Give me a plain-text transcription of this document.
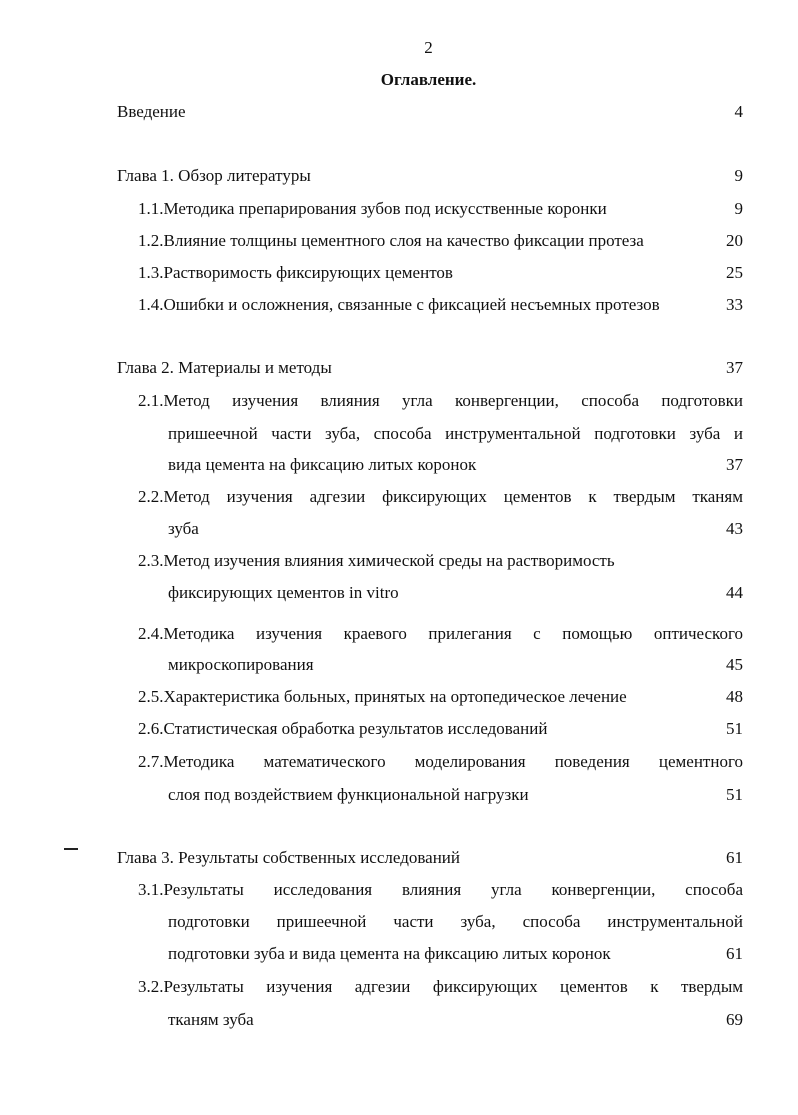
2
Оглавление.
Введение	4
Глава 1. Обзор литературы	9
1.1.Методика препарирования зубов под искусственные коронки	9
1.2.Влияние толщины цементного слоя на качество фиксации протеза	20
1.3.Растворимость фиксирующих цементов	25
1.4.Ошибки и осложнения, связанные с фиксацией несъемных протезов	33
Глава 2. Материалы и методы	37
2.1.Метод изучения влияния угла конвергенции, способа подготовки
пришеечной части зуба, способа инструментальной подготовки зуба и
вида цемента на фиксацию литых коронок	37
2.2.Метод изучения адгезии фиксирующих цементов к твердым тканям
зуба	43
2.3.Метод изучения влияния химической среды на растворимость
фиксирующих цементов in vitro	44
2.4.Методика изучения краевого прилегания с помощью оптического
микроскопирования	45
2.5.Характеристика больных, принятых на ортопедическое лечение	48
2.6.Статистическая обработка результатов исследований	51
2.7.Методика математического моделирования поведения цементного
слоя под воздействием функциональной нагрузки	51
Глава 3. Результаты собственных исследований	61
3.1.Результаты исследования влияния угла конвергенции, способа
подготовки пришеечной части зуба, способа инструментальной
подготовки зуба и вида цемента на фиксацию литых коронок	61
3.2.Результаты изучения адгезии фиксирующих цементов к твердым
тканям зуба	69
